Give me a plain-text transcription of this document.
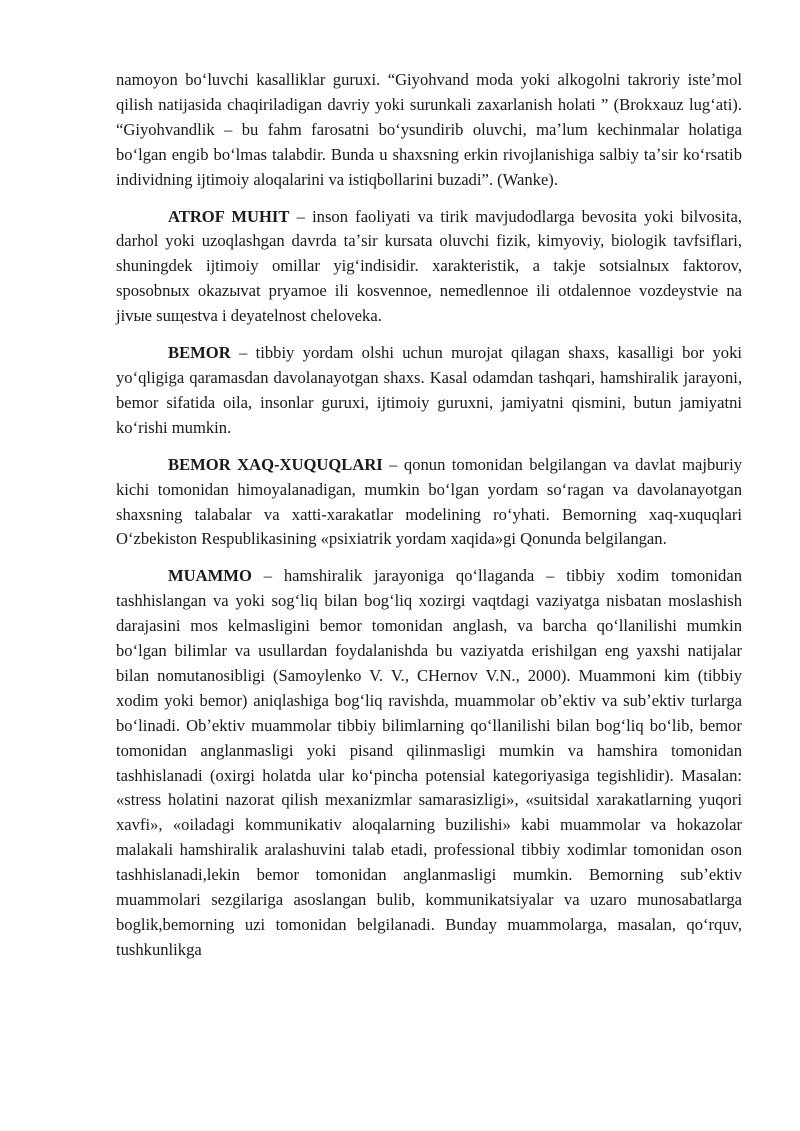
namoyon boʻluvchi kasalliklar guruxi. “Giyohvand moda yoki alkogolni takroriy isteʼmol qilish natijasida chaqiriladigan davriy yoki surunkali zaxarlanish holati ” (Brokxauz lugʻati). “Giyohvandlik – bu fahm farosatni boʻysundirib oluvchi, maʼlum kechinmalar holatiga boʻlgan engib boʻlmas talabdir. Bunda u shaxsning erkin rivojlanishiga salbiy taʼsir koʻrsatib individning ijtimoiy aloqalarini va istiqbollarini buzadi”. (Wanke).

ATROF MUHIT – inson faoliyati va tirik mavjudodlarga bevosita yoki bilvosita, darhol yoki uzoqlashgan davrda taʼsir kursata oluvchi fizik, kimyoviy, biologik tavfsiflari, shuningdek ijtimoiy omillar yigʻindisidir. xarakteristik, a takje sotsialnых faktorov, sposobnых okazыvat pryamoe ili kosvennoe, nemedlennoe ili otdalennoe vozdeystvie na jivыe suщestva i deyatelnost cheloveka.

BEMOR – tibbiy yordam olshi uchun murojat qilagan shaxs, kasalligi bor yoki yoʻqligiga qaramasdan davolanayotgan shaxs. Kasal odamdan tashqari, hamshiralik jarayoni, bemor sifatida oila, insonlar guruxi, ijtimoiy guruxni, jamiyatni qismini, butun jamiyatni koʻrishi mumkin.

BEMOR XAQ-XUQUQLARI – qonun tomonidan belgilangan va davlat majburiy kichi tomonidan himoyalanadigan, mumkin boʻlgan yordam soʻragan va davolanayotgan shaxsning talabalar va xatti-xarakatlar modelining roʻyhati. Bemorning xaq-xuquqlari Oʻzbekiston Respublikasining «psixiatrik yordam xaqida»gi Qonunda belgilangan.

MUAMMO – hamshiralik jarayoniga qoʻllaganda – tibbiy xodim tomonidan tashhislangan va yoki sogʻliq bilan bogʻliq xozirgi vaqtdagi vaziyatga nisbatan moslashish darajasini mos kelmasligini bemor tomonidan anglash, va barcha qoʻllanilishi mumkin boʻlgan bilimlar va usullardan foydalanishda bu vaziyatda erishilgan eng yaxshi natijalar bilan nomutanosibligi (Samoylenko V. V., CHernov V.N., 2000). Muammoni kim (tibbiy xodim yoki bemor) aniqlashiga bogʻliq ravishda, muammolar obʼektiv va subʼektiv turlarga boʻlinadi. Obʼektiv muammolar tibbiy bilimlarning qoʻllanilishi bilan bogʻliq boʻlib, bemor tomonidan anglanmasligi yoki pisand qilinmasligi mumkin va hamshira tomonidan tashhislanadi (oxirgi holatda ular koʻpincha potensial kategoriyasiga tegishlidir). Masalan: «stress holatini nazorat qilish mexanizmlar samarasizligi», «suitsidal xarakatlarning yuqori xavfi», «oiladagi kommunikativ aloqalarning buzilishi» kabi muammolar va hokazolar malakali hamshiralik aralashuvini talab etadi, professional tibbiy xodimlar tomonidan oson tashhislanadi,lekin bemor tomonidan anglanmasligi mumkin. Bemorning subʼektiv muammolari sezgilariga asoslangan bulib, kommunikatsiyalar va uzaro munosabatlarga boglik,bemorning uzi tomonidan belgilanadi. Bunday muammolarga, masalan, qoʻrquv, tushkunlikga
